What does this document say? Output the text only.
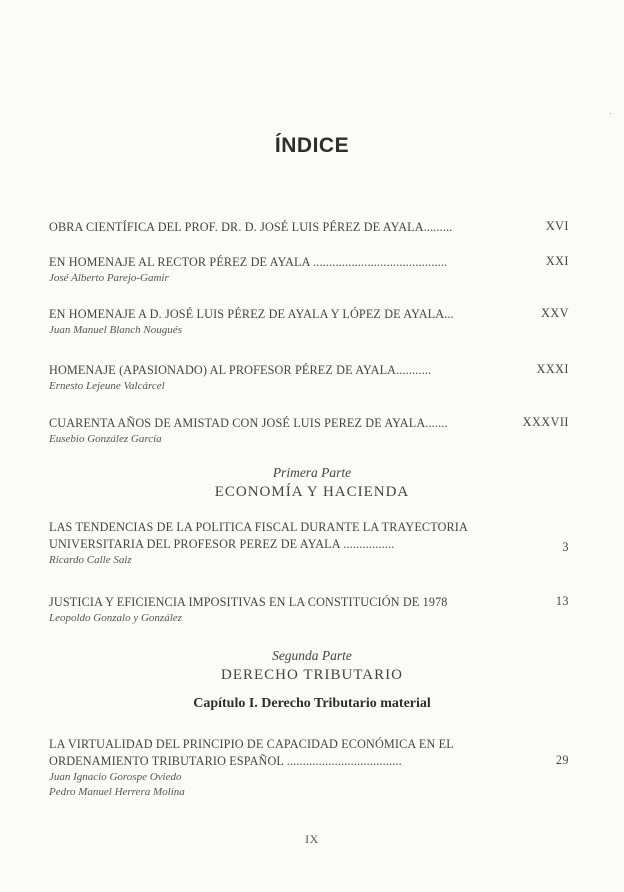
ÍNDICE
OBRA CIENTÍFICA DEL PROF. DR. D. JOSÉ LUIS PÉREZ DE AYALA.........	XVI
EN HOMENAJE AL RECTOR PÉREZ DE AYALA ..........................................
José Alberto Parejo-Gamir
XXI
EN HOMENAJE A D. JOSÉ LUIS PÉREZ DE AYALA Y LÓPEZ DE AYALA...
Juan Manuel Blanch Nougués
XXV
HOMENAJE (APASIONADO) AL PROFESOR PÉREZ DE AYALA...........
Ernesto Lejeune Valcárcel
XXXI
CUARENTA AÑOS DE AMISTAD CON JOSÉ LUIS PEREZ DE AYALA.......
Eusebio González García
XXXVII
Primera Parte
ECONOMÍA Y HACIENDA
LAS TENDENCIAS DE LA POLITICA FISCAL DURANTE LA TRAYECTORIA UNIVERSITARIA DEL PROFESOR PEREZ DE AYALA ................
Ricardo Calle Saiz
3
JUSTICIA Y EFICIENCIA IMPOSITIVAS EN LA CONSTITUCIÓN DE 1978
Leopoldo Gonzalo y González
13
Segunda Parte
DERECHO TRIBUTARIO
Capítulo I. Derecho Tributario material
LA VIRTUALIDAD DEL PRINCIPIO DE CAPACIDAD ECONÓMICA EN EL ORDENAMIENTO TRIBUTARIO ESPAÑOL ....................................
Juan Ignacio Gorospe Oviedo
Pedro Manuel Herrera Molina
29
IX
